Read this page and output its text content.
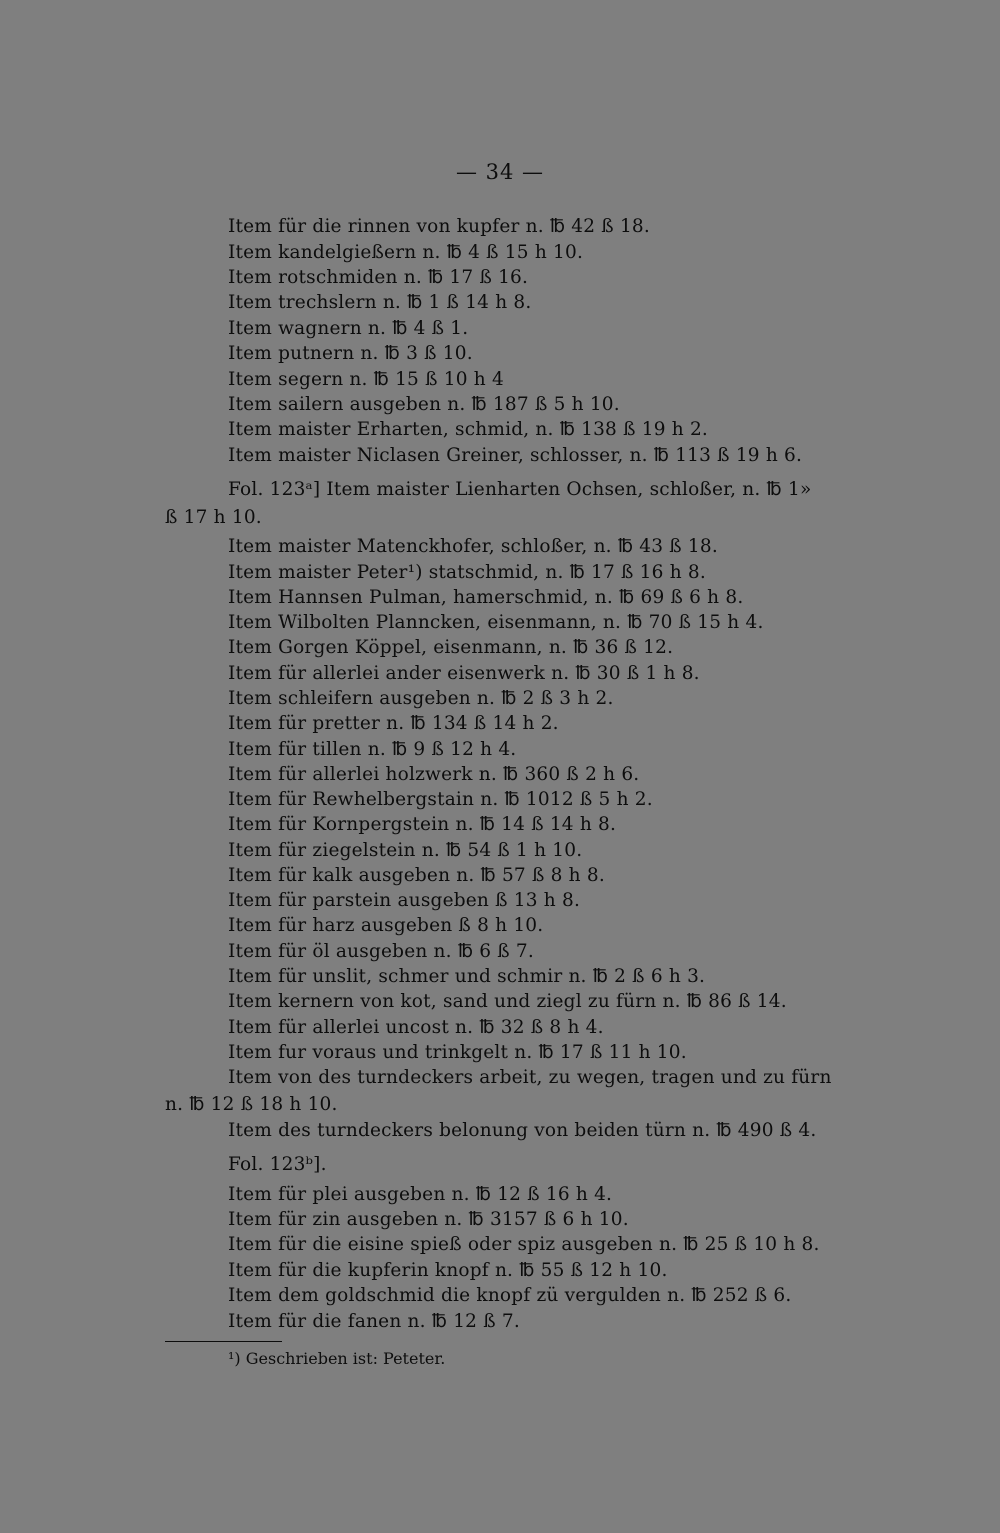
— 34 —
Item für die rinnen von kupfer n. ℔ 42 ß 18.
Item kandelgießern n. ℔ 4 ß 15 h 10.
Item rotschmiden n. ℔ 17 ß 16.
Item trechslern n. ℔ 1 ß 14 h 8.
Item wagnern n. ℔ 4 ß 1.
Item putnern n. ℔ 3 ß 10.
Item segern n. ℔ 15 ß 10 h 4
Item sailern ausgeben n. ℔ 187 ß 5 h 10.
Item maister Erharten, schmid, n. ℔ 138 ß 19 h 2.
Item maister Niclasen Greiner, schlosser, n. ℔ 113 ß 19 h 6.
Fol. 123ᵃ] Item maister Lienharten Ochsen, schloßer, n. ℔ 1»
ß 17 h 10.
Item maister Matenckhofer, schloßer, n. ℔ 43 ß 18.
Item maister Peter¹) statschmid, n. ℔ 17 ß 16 h 8.
Item Hannsen Pulman, hamerschmid, n. ℔ 69 ß 6 h 8.
Item Wilbolten Planncken, eisenmann, n. ℔ 70 ß 15 h 4.
Item Gorgen Köppel, eisenmann, n. ℔ 36 ß 12.
Item für allerlei ander eisenwerk n. ℔ 30 ß 1 h 8.
Item schleifern ausgeben n. ℔ 2 ß 3 h 2.
Item für pretter n. ℔ 134 ß 14 h 2.
Item für tillen n. ℔ 9 ß 12 h 4.
Item für allerlei holzwerk n. ℔ 360 ß 2 h 6.
Item für Rewhelbergstain n. ℔ 1012 ß 5 h 2.
Item für Kornpergstein n. ℔ 14 ß 14 h 8.
Item für ziegelstein n. ℔ 54 ß 1 h 10.
Item für kalk ausgeben n. ℔ 57 ß 8 h 8.
Item für parstein ausgeben ß 13 h 8.
Item für harz ausgeben ß 8 h 10.
Item für öl ausgeben n. ℔ 6 ß 7.
Item für unslit, schmer und schmir n. ℔ 2 ß 6 h 3.
Item kernern von kot, sand und ziegl zu fürn n. ℔ 86 ß 14.
Item für allerlei uncost n. ℔ 32 ß 8 h 4.
Item fur voraus und trinkgelt n. ℔ 17 ß 11 h 10.
Item von des turndeckers arbeit, zu wegen, tragen und zu fürn
n. ℔ 12 ß 18 h 10.
Item des turndeckers belonung von beiden türn n. ℔ 490 ß 4.
Fol. 123ᵇ].
Item für plei ausgeben n. ℔ 12 ß 16 h 4.
Item für zin ausgeben n. ℔ 3157 ß 6 h 10.
Item für die eisine spieß oder spiz ausgeben n. ℔ 25 ß 10 h 8.
Item für die kupferin knopf n. ℔ 55 ß 12 h 10.
Item dem goldschmid die knopf zü vergulden n. ℔ 252 ß 6.
Item für die fanen n. ℔ 12 ß 7.
¹) Geschrieben ist: Peteter.
